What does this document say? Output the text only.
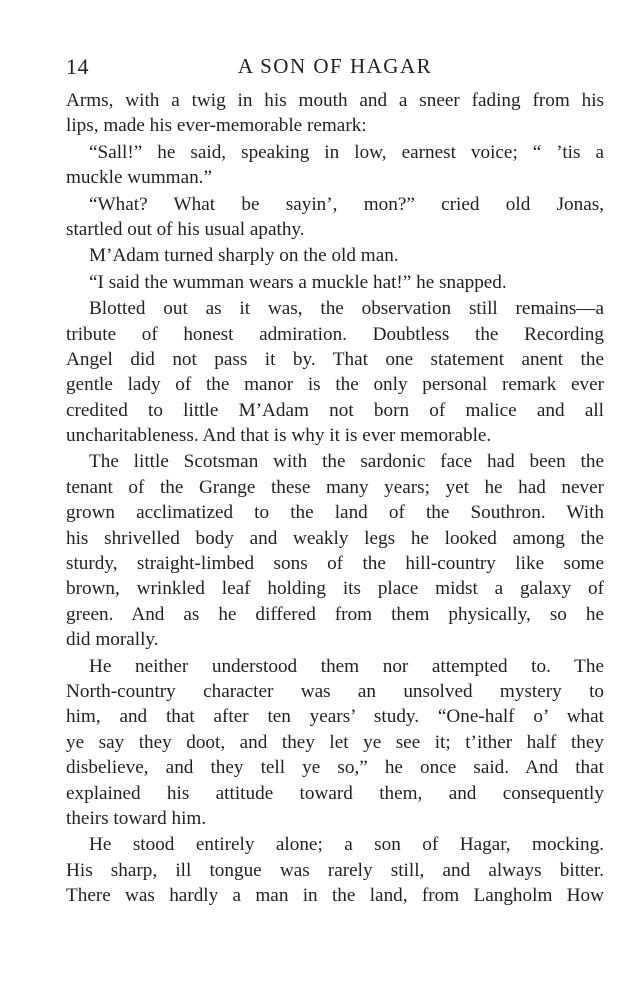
14	A SON OF HAGAR
Arms, with a twig in his mouth and a sneer fading from his
lips, made his ever-memorable remark:
“Sall!” he said, speaking in low, earnest voice; “ ’tis a
muckle wumman.”
“What? What be sayin’, mon?” cried old Jonas,
startled out of his usual apathy.
M’Adam turned sharply on the old man.
“I said the wumman wears a muckle hat!” he snapped.
Blotted out as it was, the observation still remains—a
tribute of honest admiration. Doubtless the Recording
Angel did not pass it by. That one statement anent the
gentle lady of the manor is the only personal remark ever
credited to little M’Adam not born of malice and all
uncharitableness. And that is why it is ever memorable.
The little Scotsman with the sardonic face had been the
tenant of the Grange these many years; yet he had never
grown acclimatized to the land of the Southron. With
his shrivelled body and weakly legs he looked among the
sturdy, straight-limbed sons of the hill-country like some
brown, wrinkled leaf holding its place midst a galaxy of
green. And as he differed from them physically, so he
did morally.
He neither understood them nor attempted to. The
North-country character was an unsolved mystery to
him, and that after ten years’ study. “One-half o’ what
ye say they doot, and they let ye see it; t’ither half they
disbelieve, and they tell ye so,” he once said. And that
explained his attitude toward them, and consequently
theirs toward him.
He stood entirely alone; a son of Hagar, mocking.
His sharp, ill tongue was rarely still, and always bitter.
There was hardly a man in the land, from Langholm How
